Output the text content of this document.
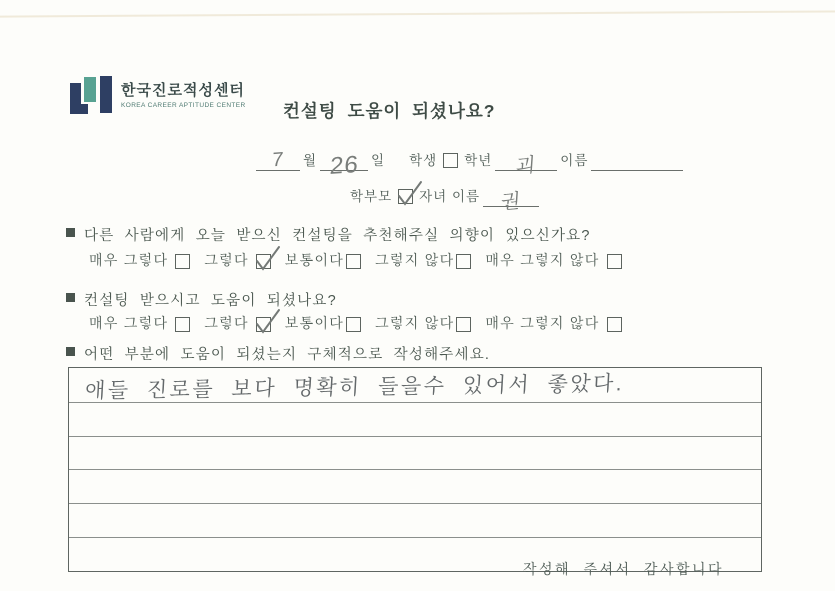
한국진로적성센터
KOREA CAREER APTITUDE CENTER 컨설팅 도움이 되셨나요?
7	월 26 일 학생 학년	괴	이름
학부모 자녀 이름 권
다른 사람에게 오늘 받으신 컨설팅을 추천해주실 의향이 있으신가요?
매우 그렇다	그렇다	보통이다 그렇지 않다 매우 그렇지 않다
컨설팅 받으시고 도움이 되셨나요?
매우 그렇다	그렇다	보통이다 그렇지 않다 매우 그렇지 않다
어떤 부분에 도움이 되셨는지 구체적으로 작성해주세요.
애들 진로를 보다 명확히 들을수 있어서 좋았다.
작성해 주셔서 감사합니다
